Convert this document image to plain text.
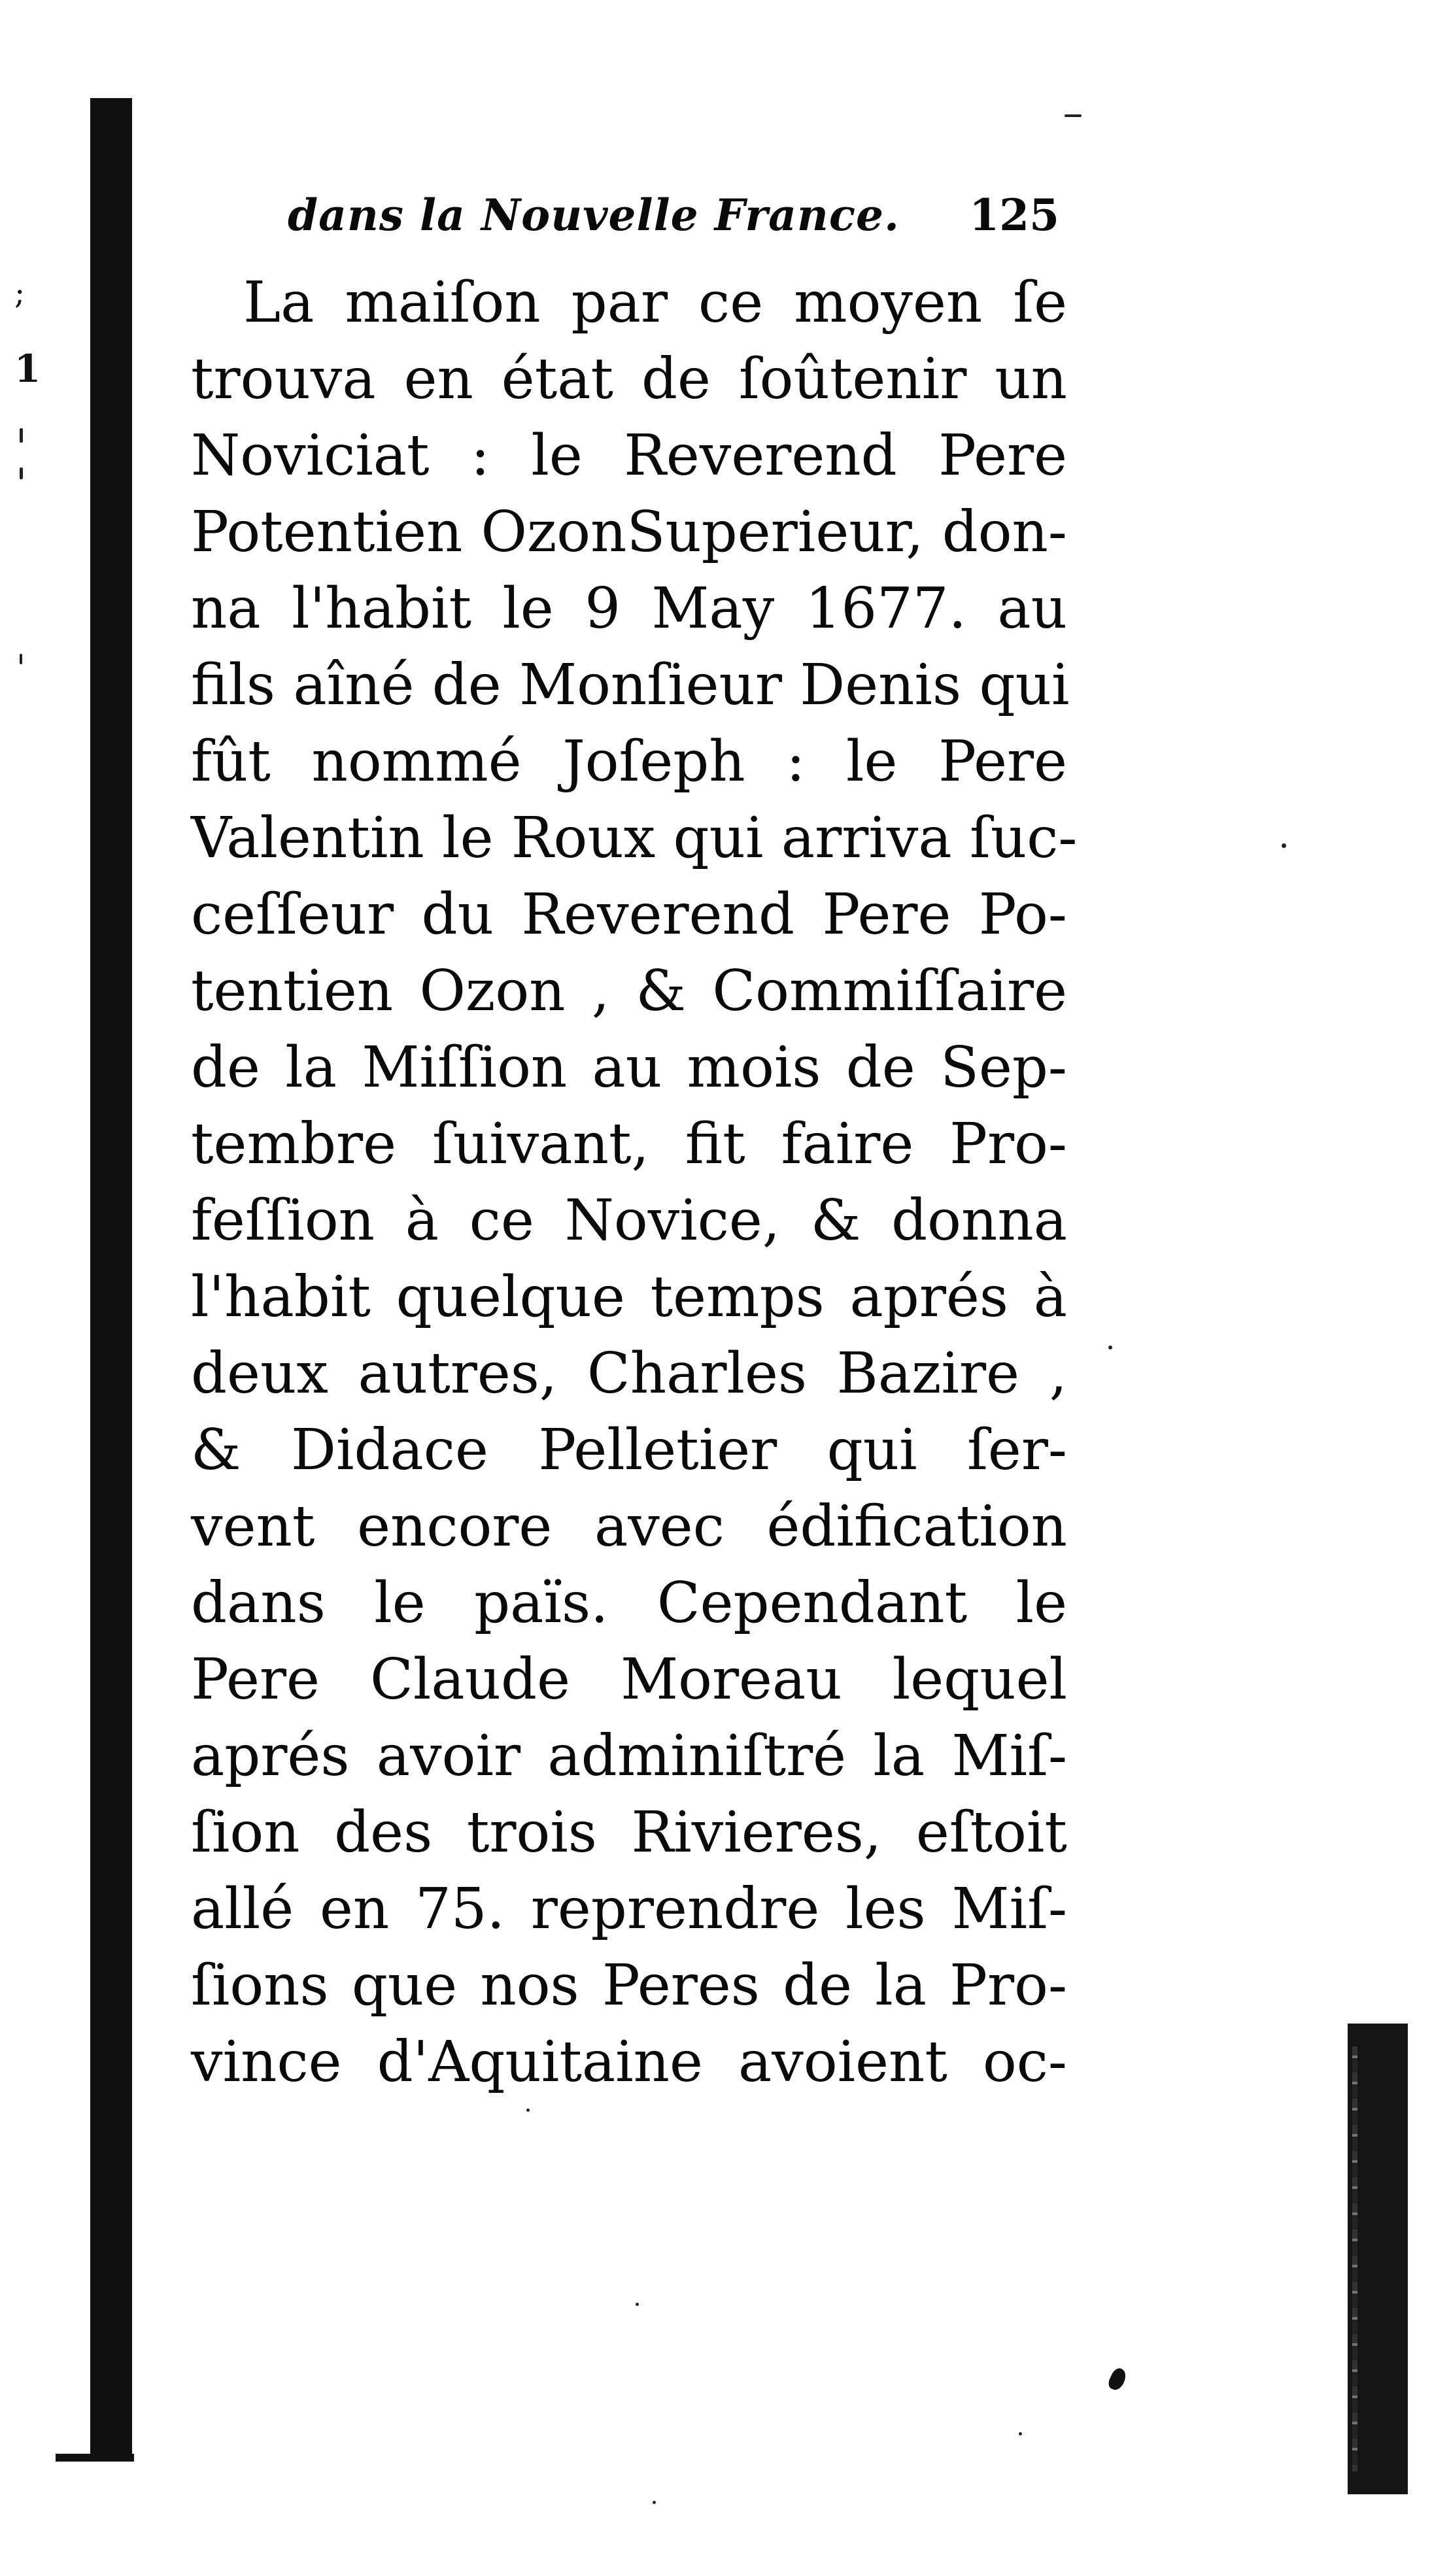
;
1
dans la Nouvelle France. 125
La maiſon par ce moyen ſe
trouva en état de ſoûtenir un
Noviciat : le Reverend Pere
Potentien OzonSuperieur, don-
na l'habit le 9 May 1677. au
fils aîné de Monſieur Denis qui
fût nommé Joſeph : le Pere
Valentin le Roux qui arriva ſuc-
ceſſeur du Reverend Pere Po-
tentien Ozon , & Commiſſaire
de la Miſſion au mois de Sep-
tembre ſuivant, fit faire Pro-
feſſion à ce Novice, & donna
l'habit quelque temps aprés à
deux autres, Charles Bazire ,
& Didace Pelletier qui ſer-
vent encore avec édification
dans le païs. Cependant le
Pere Claude Moreau lequel
aprés avoir adminiſtré la Miſ-
ſion des trois Rivieres, eſtoit
allé en 75. reprendre les Miſ-
ſions que nos Peres de la Pro-
vince d'Aquitaine avoient oc-
